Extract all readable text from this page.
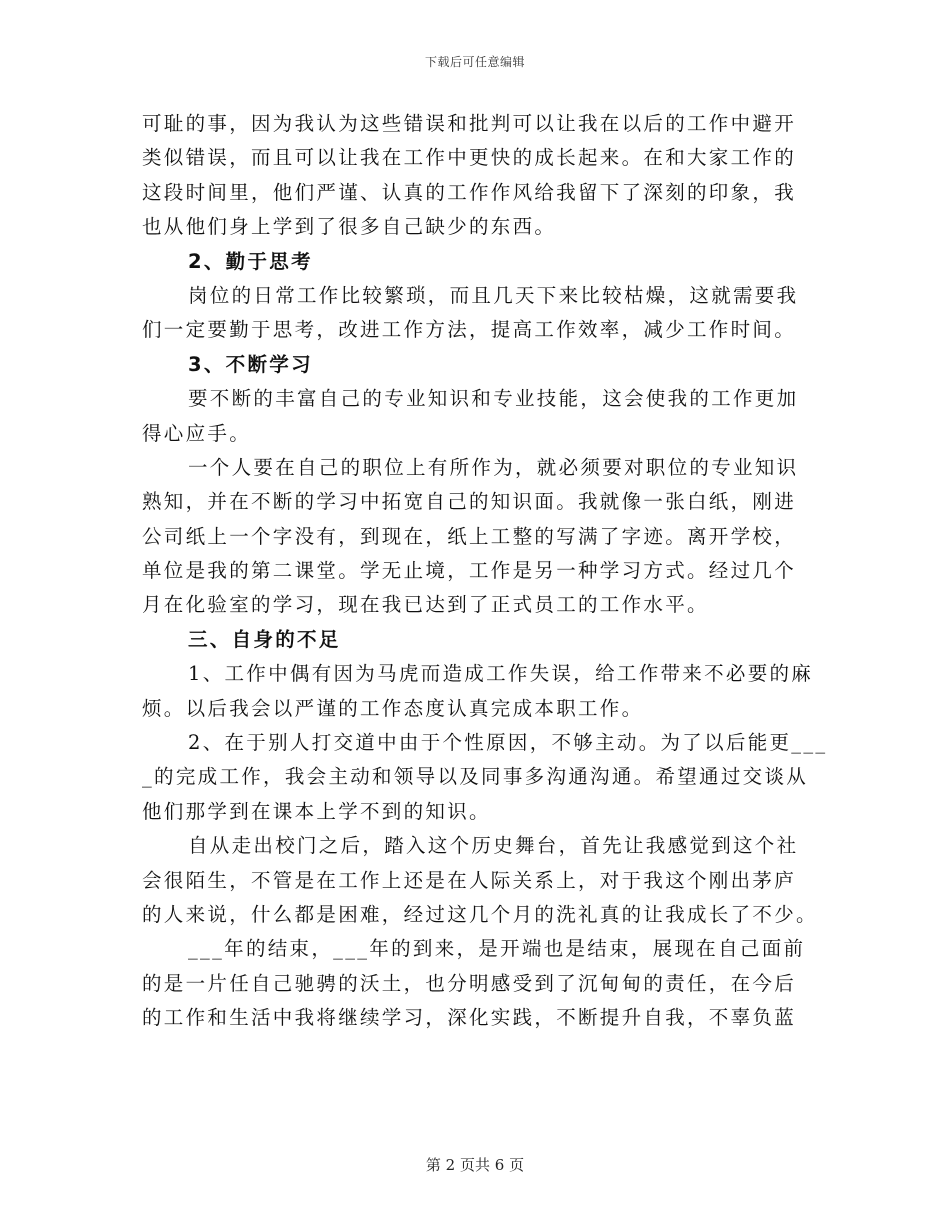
下载后可任意编辑
可耻的事，因为我认为这些错误和批判可以让我在以后的工作中避开
类似错误，而且可以让我在工作中更快的成长起来。在和大家工作的
这段时间里，他们严谨、认真的工作作风给我留下了深刻的印象，我
也从他们身上学到了很多自己缺少的东西。
2、勤于思考
岗位的日常工作比较繁琐，而且几天下来比较枯燥，这就需要我
们一定要勤于思考，改进工作方法，提高工作效率，减少工作时间。
3、不断学习
要不断的丰富自己的专业知识和专业技能，这会使我的工作更加
得心应手。
一个人要在自己的职位上有所作为，就必须要对职位的专业知识
熟知，并在不断的学习中拓宽自己的知识面。我就像一张白纸，刚进
公司纸上一个字没有，到现在，纸上工整的写满了字迹。离开学校，
单位是我的第二课堂。学无止境，工作是另一种学习方式。经过几个
月在化验室的学习，现在我已达到了正式员工的工作水平。
三、自身的不足
1、工作中偶有因为马虎而造成工作失误，给工作带来不必要的麻
烦。以后我会以严谨的工作态度认真完成本职工作。
2、在于别人打交道中由于个性原因，不够主动。为了以后能更___
_的完成工作，我会主动和领导以及同事多沟通沟通。希望通过交谈从
他们那学到在课本上学不到的知识。
自从走出校门之后，踏入这个历史舞台，首先让我感觉到这个社
会很陌生，不管是在工作上还是在人际关系上，对于我这个刚出茅庐
的人来说，什么都是困难，经过这几个月的洗礼真的让我成长了不少。
___年的结束，___年的到来，是开端也是结束，展现在自己面前
的是一片任自己驰骋的沃土，也分明感受到了沉甸甸的责任，在今后
的工作和生活中我将继续学习，深化实践，不断提升自我，不辜负蓝
第 2 页共 6 页
